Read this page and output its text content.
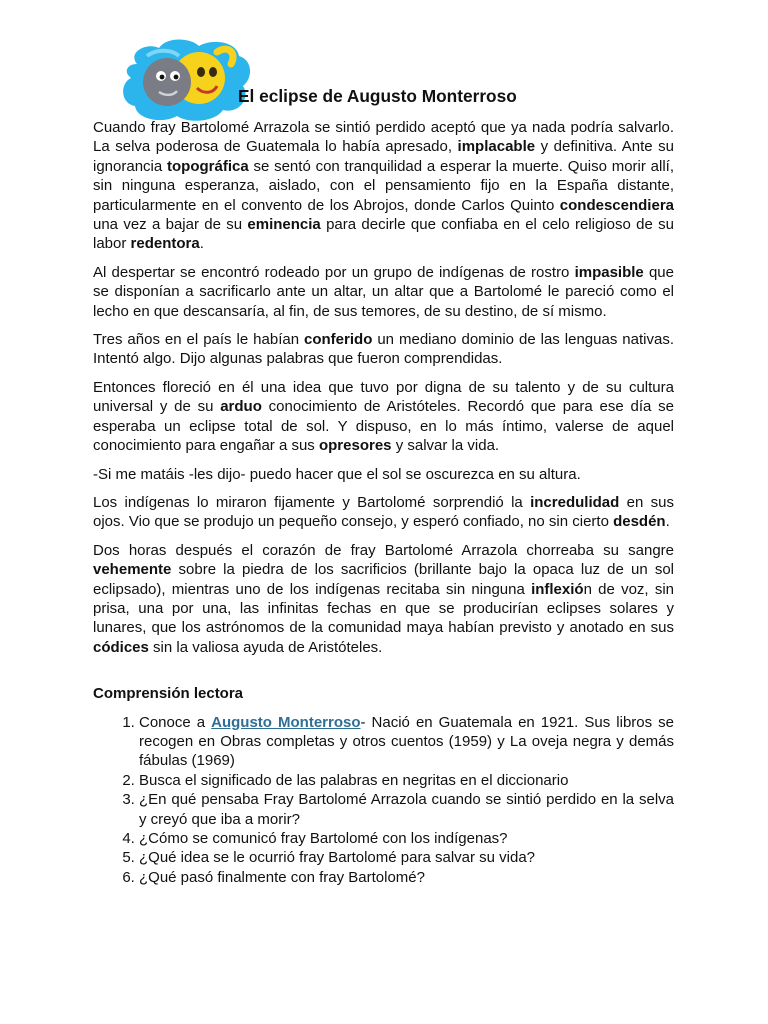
El eclipse de Augusto Monterroso

Cuando fray Bartolomé Arrazola se sintió perdido aceptó que ya nada podría salvarlo. La selva poderosa de Guatemala lo había apresado, implacable y definitiva. Ante su ignorancia topográfica se sentó con tranquilidad a esperar la muerte. Quiso morir allí, sin ninguna esperanza, aislado, con el pensamiento fijo en la España distante, particularmente en el convento de los Abrojos, donde Carlos Quinto condescendiera una vez a bajar de su eminencia para decirle que confiaba en el celo religioso de su labor redentora.

Al despertar se encontró rodeado por un grupo de indígenas de rostro impasible que se disponían a sacrificarlo ante un altar, un altar que a Bartolomé le pareció como el lecho en que descansaría, al fin, de sus temores, de su destino, de sí mismo.

Tres años en el país le habían conferido un mediano dominio de las lenguas nativas. Intentó algo. Dijo algunas palabras que fueron comprendidas.

Entonces floreció en él una idea que tuvo por digna de su talento y de su cultura universal y de su arduo conocimiento de Aristóteles. Recordó que para ese día se esperaba un eclipse total de sol. Y dispuso, en lo más íntimo, valerse de aquel conocimiento para engañar a sus opresores y salvar la vida.

-Si me matáis -les dijo- puedo hacer que el sol se oscurezca en su altura.

Los indígenas lo miraron fijamente y Bartolomé sorprendió la incredulidad en sus ojos. Vio que se produjo un pequeño consejo, y esperó confiado, no sin cierto desdén.

Dos horas después el corazón de fray Bartolomé Arrazola chorreaba su sangre vehemente sobre la piedra de los sacrificios (brillante bajo la opaca luz de un sol eclipsado), mientras uno de los indígenas recitaba sin ninguna inflexión de voz, sin prisa, una por una, las infinitas fechas en que se producirían eclipses solares y lunares, que los astrónomos de la comunidad maya habían previsto y anotado en sus códices sin la valiosa ayuda de Aristóteles.

Comprensión lectora
1. Conoce a Augusto Monterroso- Nació en Guatemala en 1921. Sus libros se recogen en Obras completas y otros cuentos (1959) y La oveja negra y demás fábulas (1969)
2. Busca el significado de las palabras en negritas en el diccionario
3. ¿En qué pensaba Fray Bartolomé Arrazola cuando se sintió perdido en la selva y creyó que iba a morir?
4. ¿Cómo se comunicó fray Bartolomé con los indígenas?
5. ¿Qué idea se le ocurrió fray Bartolomé para salvar su vida?
6. ¿Qué pasó finalmente con fray Bartolomé?
